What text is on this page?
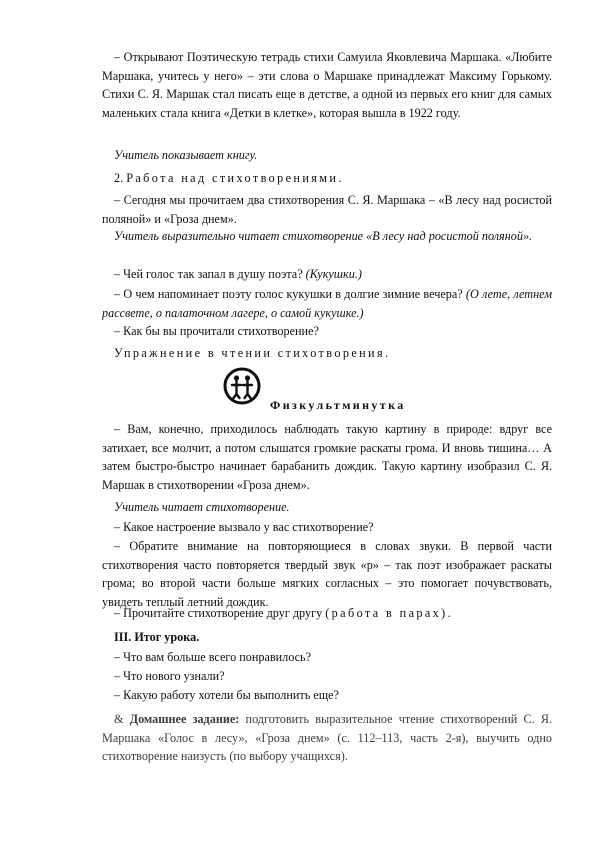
– Открывают Поэтическую тетрадь стихи Самуила Яковлевича Маршака. «Любите Маршака, учитесь у него» – эти слова о Маршаке принадлежат Максиму Горькому. Стихи С. Я. Маршак стал писать еще в детстве, а одной из первых его книг для самых маленьких стала книга «Детки в клетке», которая вышла в 1922 году.

Учитель показывает книгу.

2. Работа над стихотворениями.

– Сегодня мы прочитаем два стихотворения С. Я. Маршака – «В лесу над росистой поляной» и «Гроза днем».

Учитель выразительно читает стихотворение «В лесу над росистой поляной».

– Чей голос так запал в душу поэта? (Кукушки.)

– О чем напоминает поэту голос кукушки в долгие зимние вечера? (О лете, летнем рассвете, о палаточном лагере, о самой кукушке.)

– Как бы вы прочитали стихотворение?

Упражнение в чтении стихотворения.

Физкультминутка

– Вам, конечно, приходилось наблюдать такую картину в природе: вдруг все затихает, все молчит, а потом слышатся громкие раскаты грома. И вновь тишина… А затем быстро-быстро начинает барабанить дождик. Такую картину изобразил С. Я. Маршак в стихотворении «Гроза днем».

Учитель читает стихотворение.

– Какое настроение вызвало у вас стихотворение?

– Обратите внимание на повторяющиеся в словах звуки. В первой части стихотворения часто повторяется твердый звук «р» – так поэт изображает раскаты грома; во второй части больше мягких согласных – это помогает почувствовать, увидеть теплый летний дождик.

– Прочитайте стихотворение друг другу (работа в парах).

III. Итог урока.

– Что вам больше всего понравилось?

– Что нового узнали?

– Какую работу хотели бы выполнить еще?

& Домашнее задание: подготовить выразительное чтение стихотворений С. Я. Маршака «Голос в лесу», «Гроза днем» (с. 112–113, часть 2-я), выучить одно стихотворение наизусть (по выбору учащихся).
